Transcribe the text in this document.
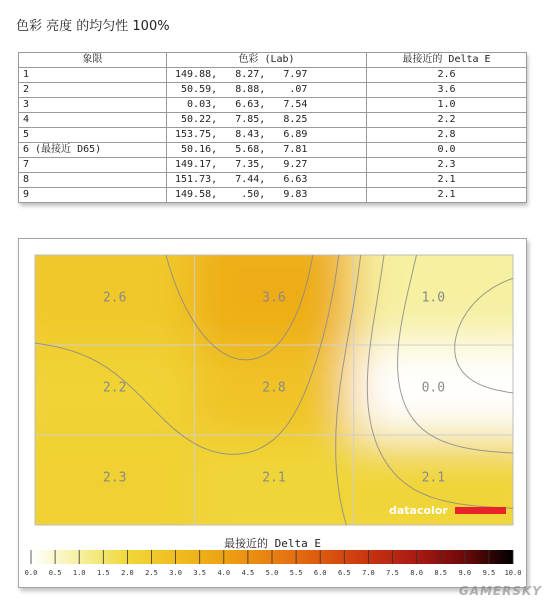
色彩 亮度 的均匀性 100%
象限	色彩 (Lab)	最接近的 Delta E
1	149.88,   8.27,   7.97	2.6
2	50.59,   8.88,    .07	3.6
3	0.03,   6.63,   7.54	1.0
4	50.22,   7.85,   8.25	2.2
5	153.75,   8.43,   6.89	2.8
6 (最接近 D65)	50.16,   5.68,   7.81	0.0
7	149.17,   7.35,   9.27	2.3
8	151.73,   7.44,   6.63	2.1
9	149.58,    .50,   9.83	2.1
2.6	3.6	1.0
2.2	2.8	0.0
2.3	2.1	2.1
datacolor
0.0 0.5 1.0 1.5 2.0 2.5 3.0 3.5 4.0 4.5 5.0 5.5 6.0 6.5 7.0 7.5 8.0 8.5 9.0 9.5 10.0
最接近的 Delta E
GAMERSKY
